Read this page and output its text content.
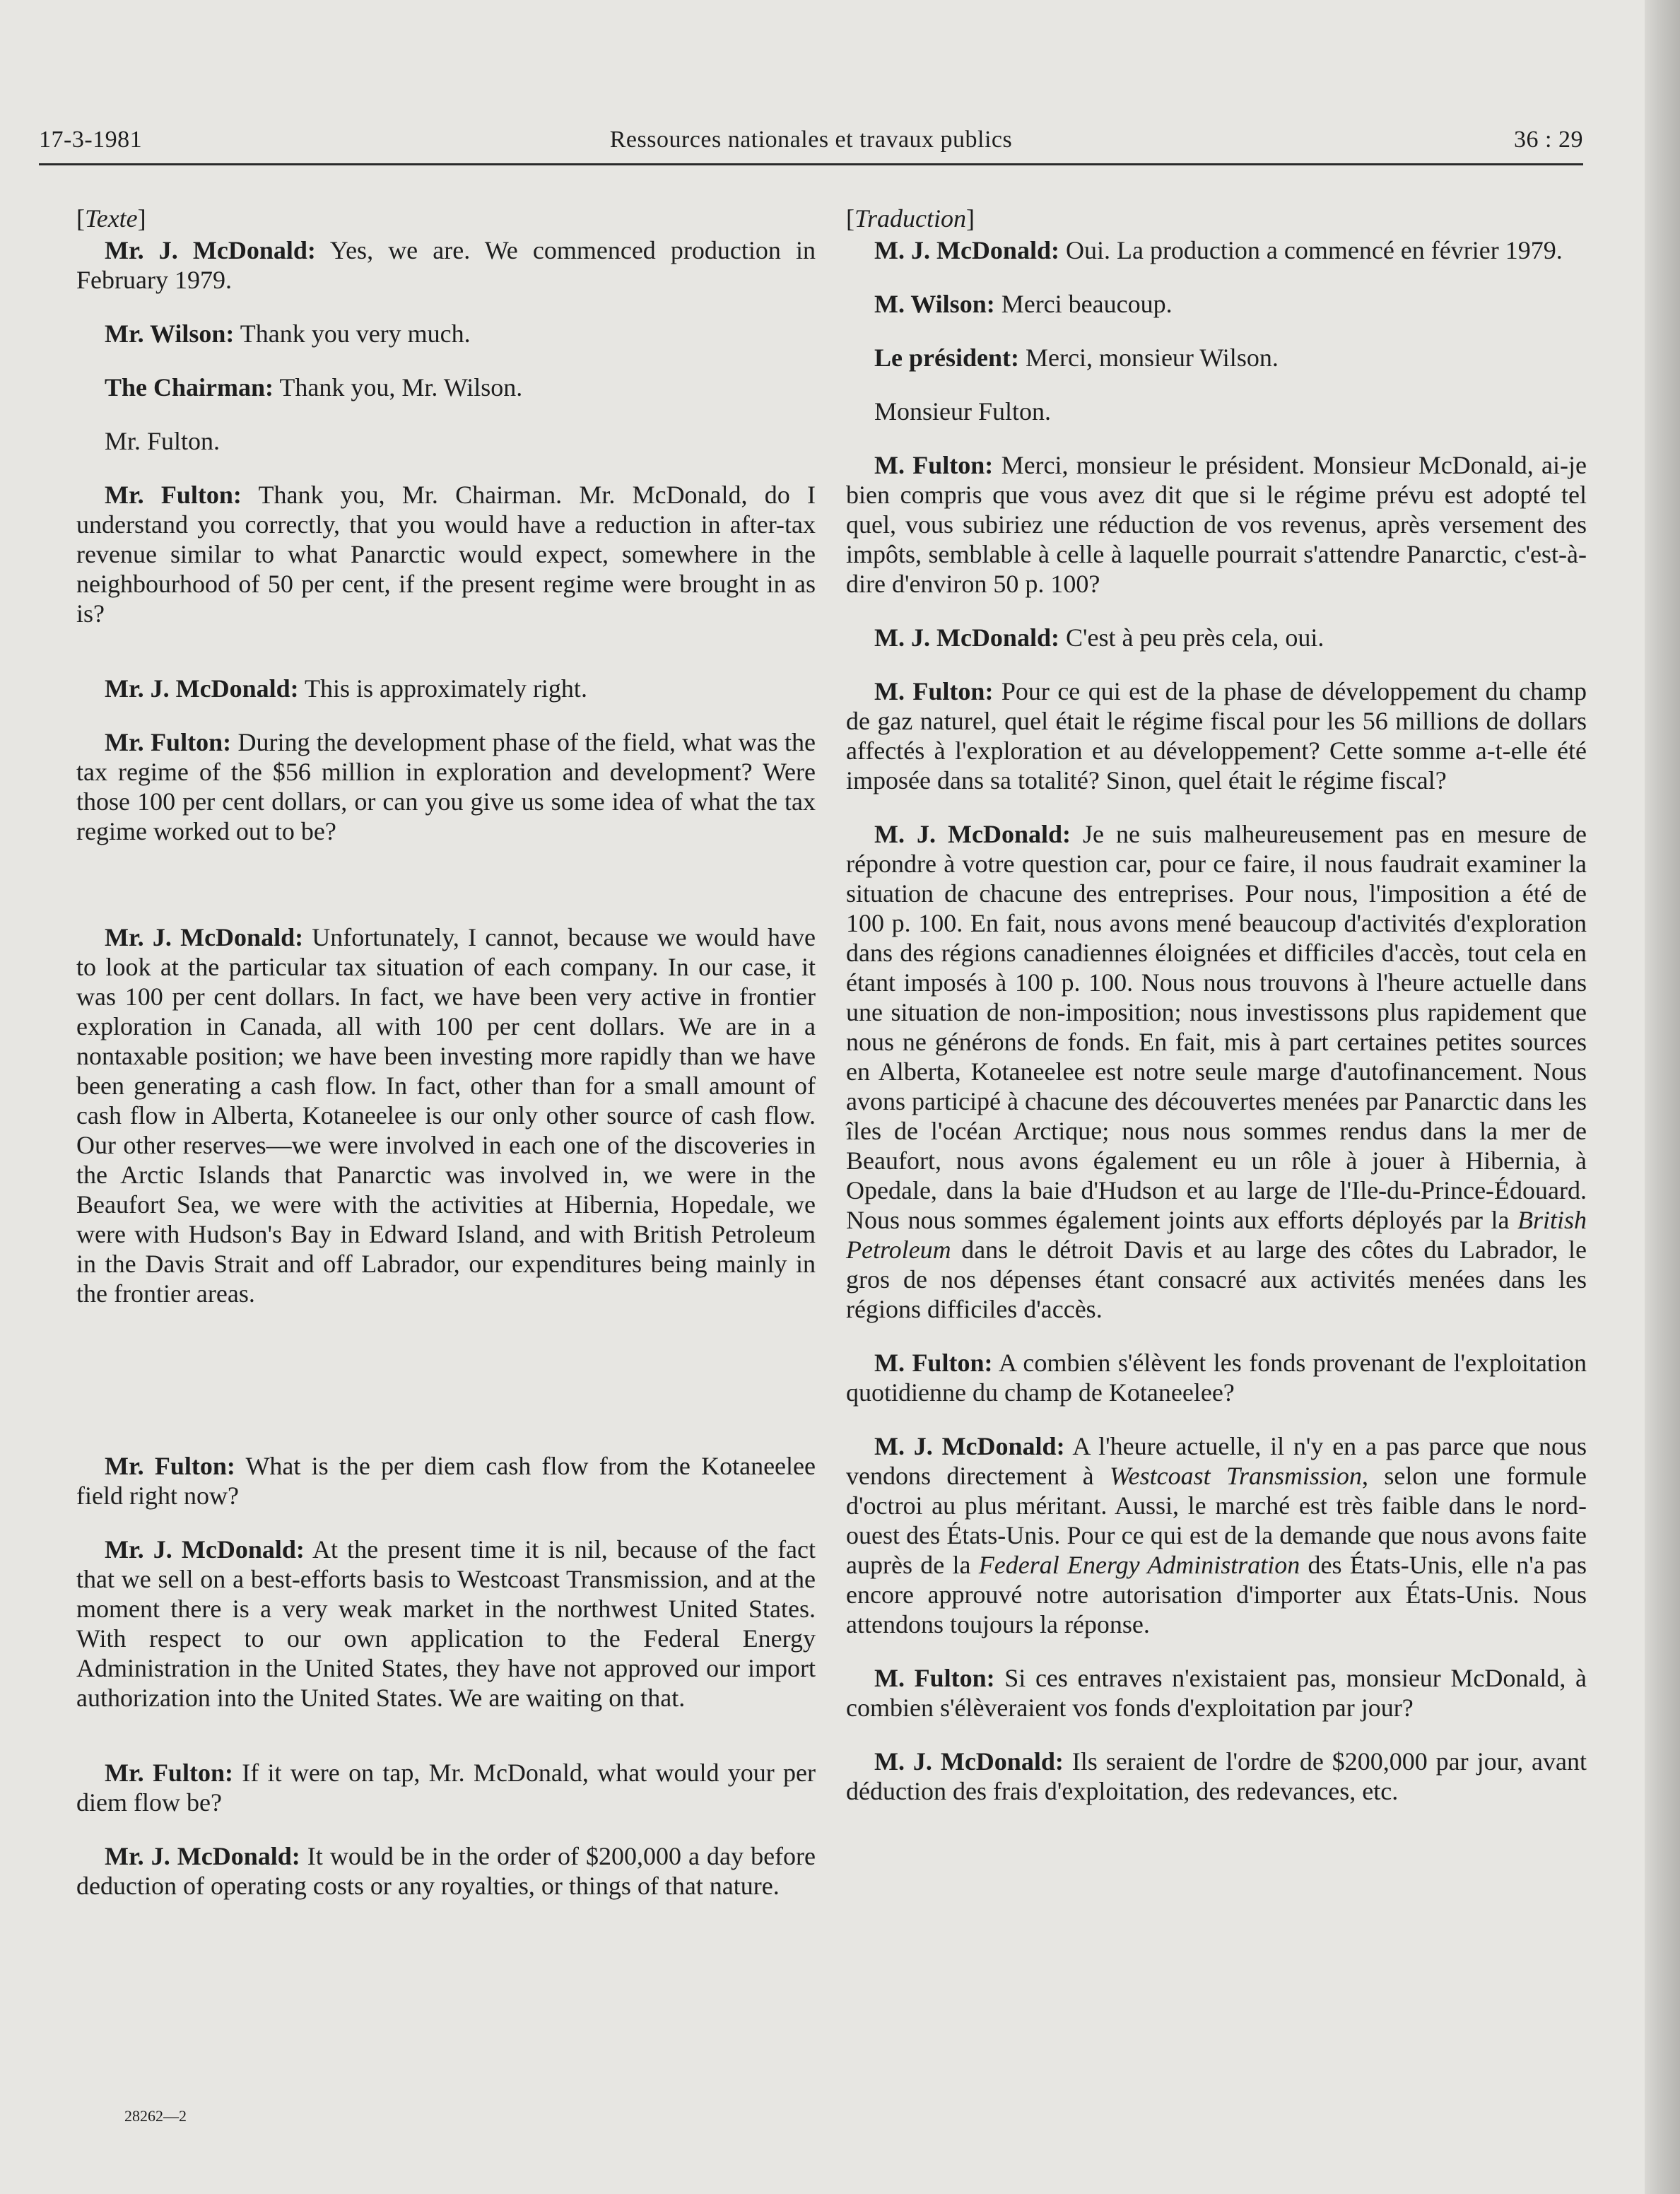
17-3-1981	Ressources nationales et travaux publics	36 : 29
[Texte]

Mr. J. McDonald: Yes, we are. We commenced production in February 1979.

Mr. Wilson: Thank you very much.

The Chairman: Thank you, Mr. Wilson.

Mr. Fulton.

Mr. Fulton: Thank you, Mr. Chairman. Mr. McDonald, do I understand you correctly, that you would have a reduction in after-tax revenue similar to what Panarctic would expect, somewhere in the neighbourhood of 50 per cent, if the present regime were brought in as is?

Mr. J. McDonald: This is approximately right.

Mr. Fulton: During the development phase of the field, what was the tax regime of the $56 million in exploration and development? Were those 100 per cent dollars, or can you give us some idea of what the tax regime worked out to be?

Mr. J. McDonald: Unfortunately, I cannot, because we would have to look at the particular tax situation of each company. In our case, it was 100 per cent dollars. In fact, we have been very active in frontier exploration in Canada, all with 100 per cent dollars. We are in a nontaxable position; we have been investing more rapidly than we have been generating a cash flow. In fact, other than for a small amount of cash flow in Alberta, Kotaneelee is our only other source of cash flow. Our other reserves—we were involved in each one of the discoveries in the Arctic Islands that Panarctic was involved in, we were in the Beaufort Sea, we were with the activities at Hibernia, Hopedale, we were with Hudson's Bay in Edward Island, and with British Petroleum in the Davis Strait and off Labrador, our expenditures being mainly in the frontier areas.

Mr. Fulton: What is the per diem cash flow from the Kotaneelee field right now?

Mr. J. McDonald: At the present time it is nil, because of the fact that we sell on a best-efforts basis to Westcoast Transmission, and at the moment there is a very weak market in the northwest United States. With respect to our own application to the Federal Energy Administration in the United States, they have not approved our import authorization into the United States. We are waiting on that.

Mr. Fulton: If it were on tap, Mr. McDonald, what would your per diem flow be?

Mr. J. McDonald: It would be in the order of $200,000 a day before deduction of operating costs or any royalties, or things of that nature.

[Traduction]

M. J. McDonald: Oui. La production a commencé en février 1979.

M. Wilson: Merci beaucoup.

Le président: Merci, monsieur Wilson.

Monsieur Fulton.

M. Fulton: Merci, monsieur le président. Monsieur McDonald, ai-je bien compris que vous avez dit que si le régime prévu est adopté tel quel, vous subiriez une réduction de vos revenus, après versement des impôts, semblable à celle à laquelle pourrait s'attendre Panarctic, c'est-à-dire d'environ 50 p. 100?

M. J. McDonald: C'est à peu près cela, oui.

M. Fulton: Pour ce qui est de la phase de développement du champ de gaz naturel, quel était le régime fiscal pour les 56 millions de dollars affectés à l'exploration et au développement? Cette somme a-t-elle été imposée dans sa totalité? Sinon, quel était le régime fiscal?

M. J. McDonald: Je ne suis malheureusement pas en mesure de répondre à votre question car, pour ce faire, il nous faudrait examiner la situation de chacune des entreprises. Pour nous, l'imposition a été de 100 p. 100. En fait, nous avons mené beaucoup d'activités d'exploration dans des régions canadiennes éloignées et difficiles d'accès, tout cela en étant imposés à 100 p. 100. Nous nous trouvons à l'heure actuelle dans une situation de non-imposition; nous investissons plus rapidement que nous ne générons de fonds. En fait, mis à part certaines petites sources en Alberta, Kotaneelee est notre seule marge d'autofinancement. Nous avons participé à chacune des découvertes menées par Panarctic dans les îles de l'océan Arctique; nous nous sommes rendus dans la mer de Beaufort, nous avons également eu un rôle à jouer à Hibernia, à Opedale, dans la baie d'Hudson et au large de l'Ile-du-Prince-Édouard. Nous nous sommes également joints aux efforts déployés par la British Petroleum dans le détroit Davis et au large des côtes du Labrador, le gros de nos dépenses étant consacré aux activités menées dans les régions difficiles d'accès.

M. Fulton: A combien s'élèvent les fonds provenant de l'exploitation quotidienne du champ de Kotaneelee?

M. J. McDonald: A l'heure actuelle, il n'y en a pas parce que nous vendons directement à Westcoast Transmission, selon une formule d'octroi au plus méritant. Aussi, le marché est très faible dans le nord-ouest des États-Unis. Pour ce qui est de la demande que nous avons faite auprès de la Federal Energy Administration des États-Unis, elle n'a pas encore approuvé notre autorisation d'importer aux États-Unis. Nous attendons toujours la réponse.

M. Fulton: Si ces entraves n'existaient pas, monsieur McDonald, à combien s'élèveraient vos fonds d'exploitation par jour?

M. J. McDonald: Ils seraient de l'ordre de $200,000 par jour, avant déduction des frais d'exploitation, des redevances, etc.

28262—2
